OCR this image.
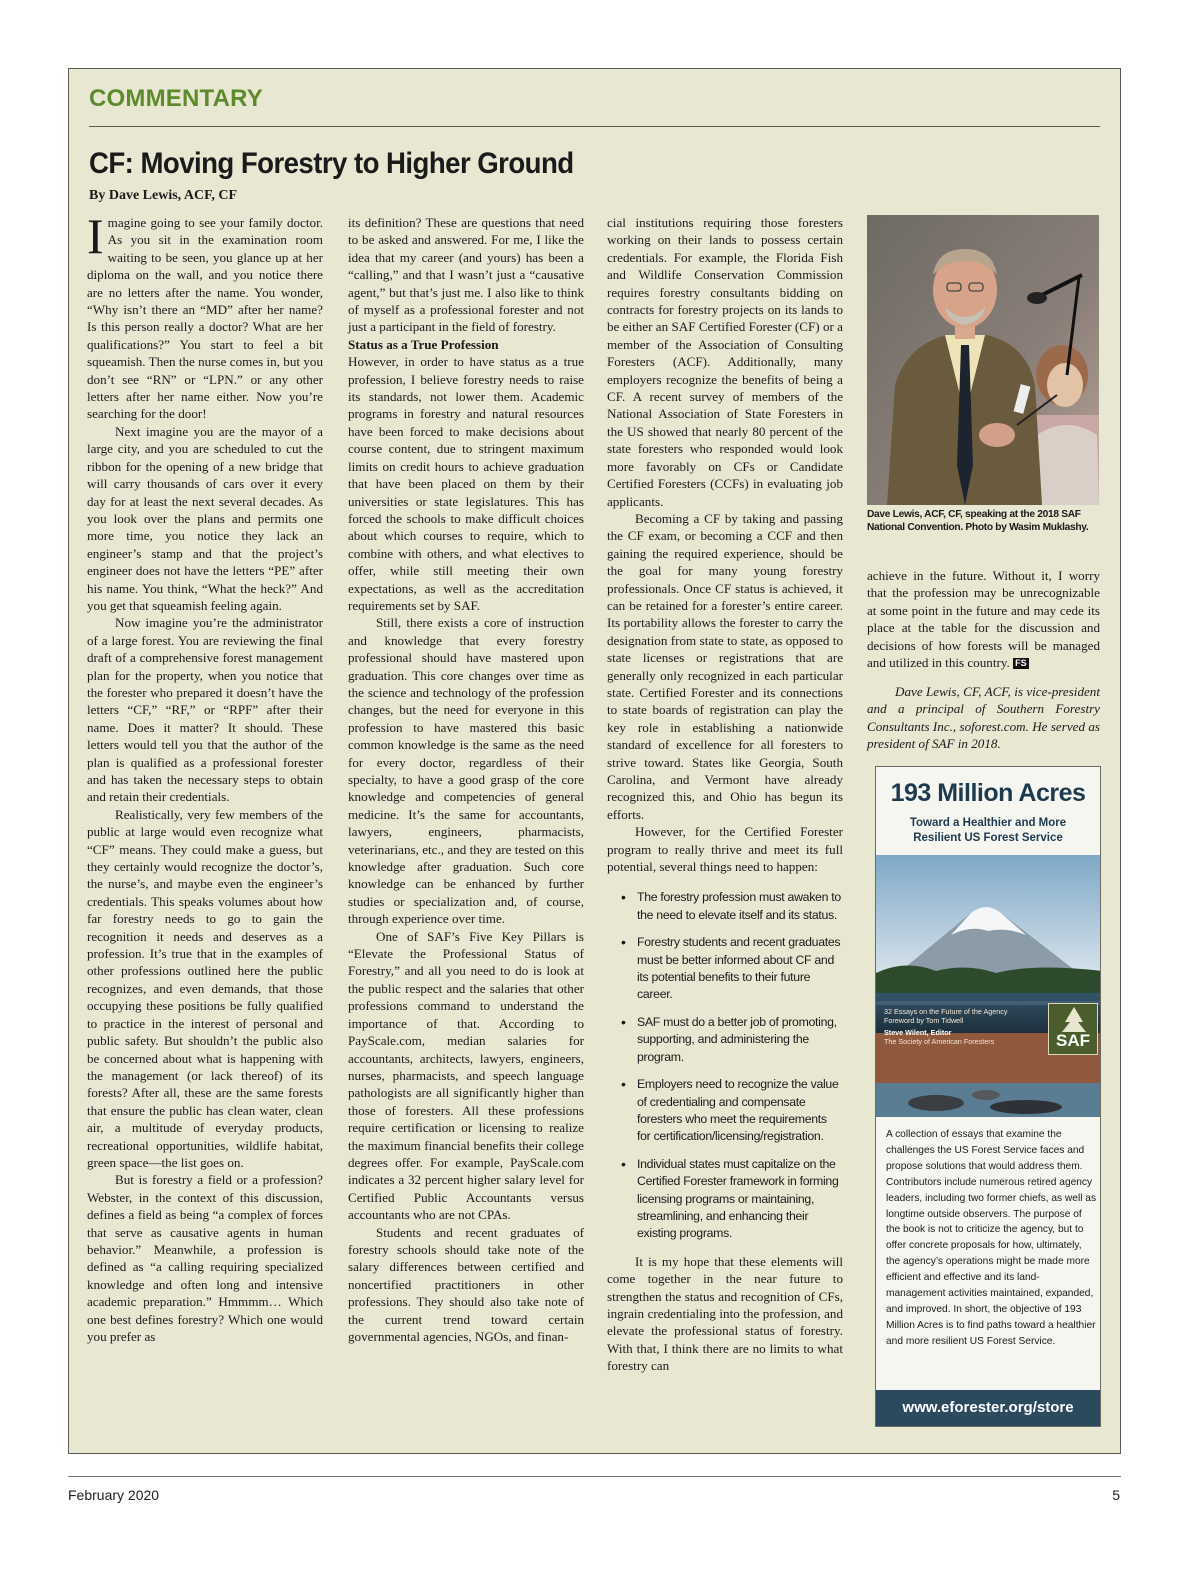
COMMENTARY
CF: Moving Forestry to Higher Ground
By Dave Lewis, ACF, CF

Imagine going to see your family doctor. As you sit in the examination room waiting to be seen, you glance up at her diploma on the wall, and you notice there are no letters after the name. You wonder, “Why isn’t there an “MD” after her name? Is this person really a doctor? What are her qualifications?” You start to feel a bit squeamish. Then the nurse comes in, but you don’t see “RN” or “LPN.” or any other letters after her name either. Now you’re searching for the door!

Next imagine you are the mayor of a large city, and you are scheduled to cut the ribbon for the opening of a new bridge that will carry thousands of cars over it every day for at least the next several decades. As you look over the plans and permits one more time, you notice they lack an engineer’s stamp and that the project’s engineer does not have the letters “PE” after his name. You think, “What the heck?” And you get that squeamish feeling again.

Now imagine you’re the administrator of a large forest. You are reviewing the final draft of a comprehensive forest management plan for the property, when you notice that the forester who prepared it doesn’t have the letters “CF,” “RF,” or “RPF” after their name. Does it matter? It should. These letters would tell you that the author of the plan is qualified as a professional forester and has taken the necessary steps to obtain and retain their credentials.

Realistically, very few members of the public at large would even recognize what “CF” means. They could make a guess, but they certainly would recognize the doctor’s, the nurse’s, and maybe even the engineer’s credentials. This speaks volumes about how far forestry needs to go to gain the recognition it needs and deserves as a profession. It’s true that in the examples of other professions outlined here the public recognizes, and even demands, that those occupying these positions be fully qualified to practice in the interest of personal and public safety. But shouldn’t the public also be concerned about what is happening with the management (or lack thereof) of its forests? After all, these are the same forests that ensure the public has clean water, clean air, a multitude of everyday products, recreational opportunities, wildlife habitat, green space—the list goes on.

But is forestry a field or a profession? Webster, in the context of this discussion, defines a field as being “a complex of forces that serve as causative agents in human behavior.” Meanwhile, a profession is defined as “a calling requiring specialized knowledge and often long and intensive academic preparation.” Hmmmm… Which one best defines forestry? Which one would you prefer as

its definition? These are questions that need to be asked and answered. For me, I like the idea that my career (and yours) has been a “calling,” and that I wasn’t just a “causative agent,” but that’s just me. I also like to think of myself as a professional forester and not just a participant in the field of forestry.

Status as a True Profession

However, in order to have status as a true profession, I believe forestry needs to raise its standards, not lower them. Academic programs in forestry and natural resources have been forced to make decisions about course content, due to stringent maximum limits on credit hours to achieve graduation that have been placed on them by their universities or state legislatures. This has forced the schools to make difficult choices about which courses to require, which to combine with others, and what electives to offer, while still meeting their own expectations, as well as the accreditation requirements set by SAF.

Still, there exists a core of instruction and knowledge that every forestry professional should have mastered upon graduation. This core changes over time as the science and technology of the profession changes, but the need for everyone in this profession to have mastered this basic common knowledge is the same as the need for every doctor, regardless of their specialty, to have a good grasp of the core knowledge and competencies of general medicine. It’s the same for accountants, lawyers, engineers, pharmacists, veterinarians, etc., and they are tested on this knowledge after graduation. Such core knowledge can be enhanced by further studies or specialization and, of course, through experience over time.

One of SAF’s Five Key Pillars is “Elevate the Professional Status of Forestry,” and all you need to do is look at the public respect and the salaries that other professions command to understand the importance of that. According to PayScale.com, median salaries for accountants, architects, lawyers, engineers, nurses, pharmacists, and speech language pathologists are all significantly higher than those of foresters. All these professions require certification or licensing to realize the maximum financial benefits their college degrees offer. For example, PayScale.com indicates a 32 percent higher salary level for Certified Public Accountants versus accountants who are not CPAs.

Students and recent graduates of forestry schools should take note of the salary differences between certified and noncertified practitioners in other professions. They should also take note of the current trend toward certain governmental agencies, NGOs, and finan-

cial institutions requiring those foresters working on their lands to possess certain credentials. For example, the Florida Fish and Wildlife Conservation Commission requires forestry consultants bidding on contracts for forestry projects on its lands to be either an SAF Certified Forester (CF) or a member of the Association of Consulting Foresters (ACF). Additionally, many employers recognize the benefits of being a CF. A recent survey of members of the National Association of State Foresters in the US showed that nearly 80 percent of the state foresters who responded would look more favorably on CFs or Candidate Certified Foresters (CCFs) in evaluating job applicants.

Becoming a CF by taking and passing the CF exam, or becoming a CCF and then gaining the required experience, should be the goal for many young forestry professionals. Once CF status is achieved, it can be retained for a forester’s entire career. Its portability allows the forester to carry the designation from state to state, as opposed to state licenses or registrations that are generally only recognized in each particular state. Certified Forester and its connections to state boards of registration can play the key role in establishing a nationwide standard of excellence for all foresters to strive toward. States like Georgia, South Carolina, and Vermont have already recognized this, and Ohio has begun its efforts.

However, for the Certified Forester program to really thrive and meet its full potential, several things need to happen:

• The forestry profession must awaken to the need to elevate itself and its status.
• Forestry students and recent graduates must be better informed about CF and its potential benefits to their future career.
• SAF must do a better job of promoting, supporting, and administering the program.
• Employers need to recognize the value of credentialing and compensate foresters who meet the requirements for certification/licensing/registration.
• Individual states must capitalize on the Certified Forester framework in forming licensing programs or maintaining, streamlining, and enhancing their existing programs.

It is my hope that these elements will come together in the near future to strengthen the status and recognition of CFs, ingrain credentialing into the profession, and elevate the professional status of forestry. With that, I think there are no limits to what forestry can

Dave Lewis, ACF, CF, speaking at the 2018 SAF National Convention. Photo by Wasim Muklashy.
achieve in the future. Without it, I worry that the profession may be unrecognizable at some point in the future and may cede its place at the table for the discussion and decisions of how forests will be managed and utilized in this country. FS

Dave Lewis, CF, ACF, is vice-president and a principal of Southern Forestry Consultants Inc., soforest.com. He served as president of SAF in 2018.

193 Million Acres
Toward a Healthier and More Resilient US Forest Service
32 Essays on the Future of the Agency Foreword by Tom Tidwell
Steve Wilent, Editor
The Society of American Foresters	SAF
A collection of essays that examine the challenges the US Forest Service faces and propose solutions that would address them. Contributors include numerous retired agency leaders, including two former chiefs, as well as longtime outside observers. The purpose of the book is not to criticize the agency, but to offer concrete proposals for how, ultimately, the agency’s operations might be made more efficient and effective and its land-management activities maintained, expanded, and improved. In short, the objective of 193 Million Acres is to find paths toward a healthier and more resilient US Forest Service.
www.eforester.org/store
February 2020	5
